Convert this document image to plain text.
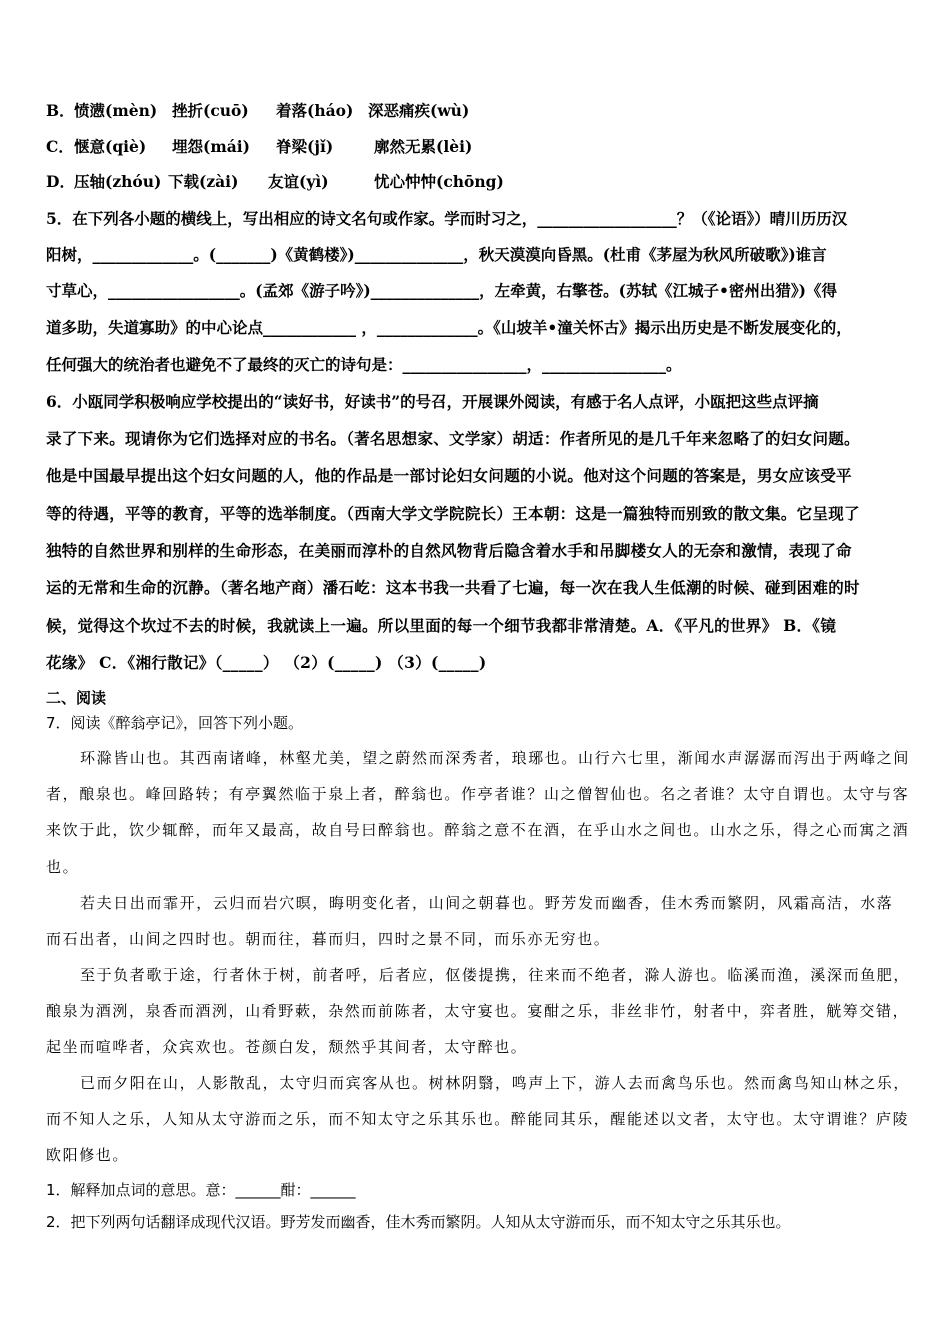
B．愤懑(mèn) 挫折(cuō) 着落(háo) 深恶痛疾(wù)
C．惬意(qiè) 埋怨(mái) 脊梁(jǐ)	廓然无累(lèi)
D．压轴(zhóu) 下载(zài) 友谊(yì)	忧心忡忡(chōng)
5．在下列各小题的横线上，写出相应的诗文名句或作家。学而时习之，__________________？（《论语》）晴川历历汉
阳树，_____________。(_______)《黄鹤楼》)______________，秋天漠漠向昏黑。(杜甫《茅屋为秋风所破歌》)谁言
寸草心，_________________。(孟郊《游子吟》)______________，左牵黄，右擎苍。(苏轼《江城子•密州出猎》)《得
道多助，失道寡助》的中心论点____________ ，_____________。《山坡羊•潼关怀古》揭示出历史是不断发展变化的，
任何强大的统治者也避免不了最终的灭亡的诗句是：________________，________________。
6．小瓯同学积极响应学校提出的“读好书，好读书”的号召，开展课外阅读，有感于名人点评，小瓯把这些点评摘
录了下来。现请你为它们选择对应的书名。（著名思想家、文学家）胡适：作者所见的是几千年来忽略了的妇女问题。
他是中国最早提出这个妇女问题的人，他的作品是一部讨论妇女问题的小说。他对这个问题的答案是，男女应该受平
等的待遇，平等的教育，平等的选举制度。（西南大学文学院院长）王本朝：这是一篇独特而别致的散文集。它呈现了
独特的自然世界和别样的生命形态，在美丽而淳朴的自然风物背后隐含着水手和吊脚楼女人的无奈和激情，表现了命
运的无常和生命的沉静。（著名地产商）潘石屹：这本书我一共看了七遍，每一次在我人生低潮的时候、碰到困难的时
候，觉得这个坎过不去的时候，我就读上一遍。所以里面的每一个细节我都非常清楚。A．《平凡的世界》 B．《镜
花缘》 C．《湘行散记》（_____） （2）(_____) （3）(_____)
二、阅读
7．阅读《醉翁亭记》，回答下列小题。
环滁皆山也。其西南诸峰，林壑尤美，望之蔚然而深秀者，琅琊也。山行六七里，渐闻水声潺潺而泻出于两峰之间
者，酿泉也。峰回路转；有亭翼然临于泉上者，醉翁也。作亭者谁？山之僧智仙也。名之者谁？太守自谓也。太守与客
来饮于此，饮少辄醉，而年又最高，故自号曰醉翁也。醉翁之意不在酒，在乎山水之间也。山水之乐，得之心而寓之酒
也。
若夫日出而霏开，云归而岩穴暝，晦明变化者，山间之朝暮也。野芳发而幽香，佳木秀而繁阴，风霜高洁，水落
而石出者，山间之四时也。朝而往，暮而归，四时之景不同，而乐亦无穷也。
至于负者歌于途，行者休于树，前者呼，后者应，伛偻提携，往来而不绝者，滁人游也。临溪而渔，溪深而鱼肥，
酿泉为酒洌，泉香而酒洌，山肴野蔌，杂然而前陈者，太守宴也。宴酣之乐，非丝非竹，射者中，弈者胜，觥筹交错，
起坐而喧哗者，众宾欢也。苍颜白发，颓然乎其间者，太守醉也。
已而夕阳在山，人影散乱，太守归而宾客从也。树林阴翳，鸣声上下，游人去而禽鸟乐也。然而禽鸟知山林之乐，
而不知人之乐，人知从太守游而之乐，而不知太守之乐其乐也。醉能同其乐，醒能述以文者，太守也。太守谓谁？庐陵
欧阳修也。
1．解释加点词的意思。意：______酣：______
2．把下列两句话翻译成现代汉语。野芳发而幽香，佳木秀而繁阴。人知从太守游而乐，而不知太守之乐其乐也。
